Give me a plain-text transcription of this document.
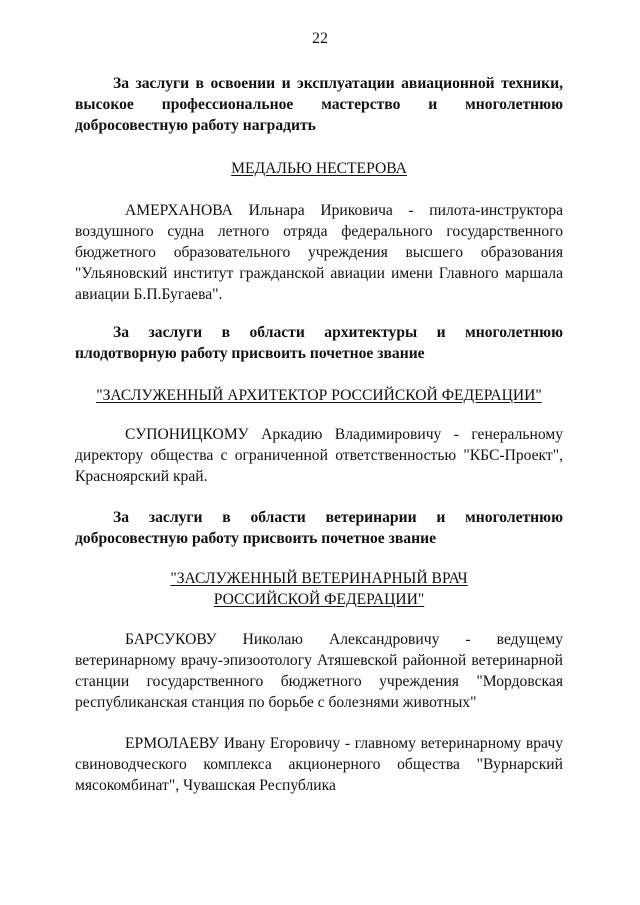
22

За заслуги в освоении и эксплуатации авиационной техники, высокое профессиональное мастерство и многолетнюю добросовестную работу наградить

МЕДАЛЬЮ НЕСТЕРОВА

АМЕРХАНОВА Ильнара Ириковича - пилота-инструктора воздушного судна летного отряда федерального государственного бюджетного образовательного учреждения высшего образования "Ульяновский институт гражданской авиации имени Главного маршала авиации Б.П.Бугаева".

За заслуги в области архитектуры и многолетнюю плодотворную работу присвоить почетное звание

"ЗАСЛУЖЕННЫЙ АРХИТЕКТОР РОССИЙСКОЙ ФЕДЕРАЦИИ"

СУПОНИЦКОМУ Аркадию Владимировичу - генеральному директору общества с ограниченной ответственностью "КБС-Проект", Красноярский край.

За заслуги в области ветеринарии и многолетнюю добросовестную работу присвоить почетное звание

"ЗАСЛУЖЕННЫЙ ВЕТЕРИНАРНЫЙ ВРАЧ
РОССИЙСКОЙ ФЕДЕРАЦИИ"

БАРСУКОВУ Николаю Александровичу - ведущему ветеринарному врачу-эпизоотологу Атяшевской районной ветеринарной станции государственного бюджетного учреждения "Мордовская республиканская станция по борьбе с болезнями животных"

ЕРМОЛАЕВУ Ивану Егоровичу - главному ветеринарному врачу свиноводческого комплекса акционерного общества "Вурнарский мясокомбинат", Чувашская Республика
